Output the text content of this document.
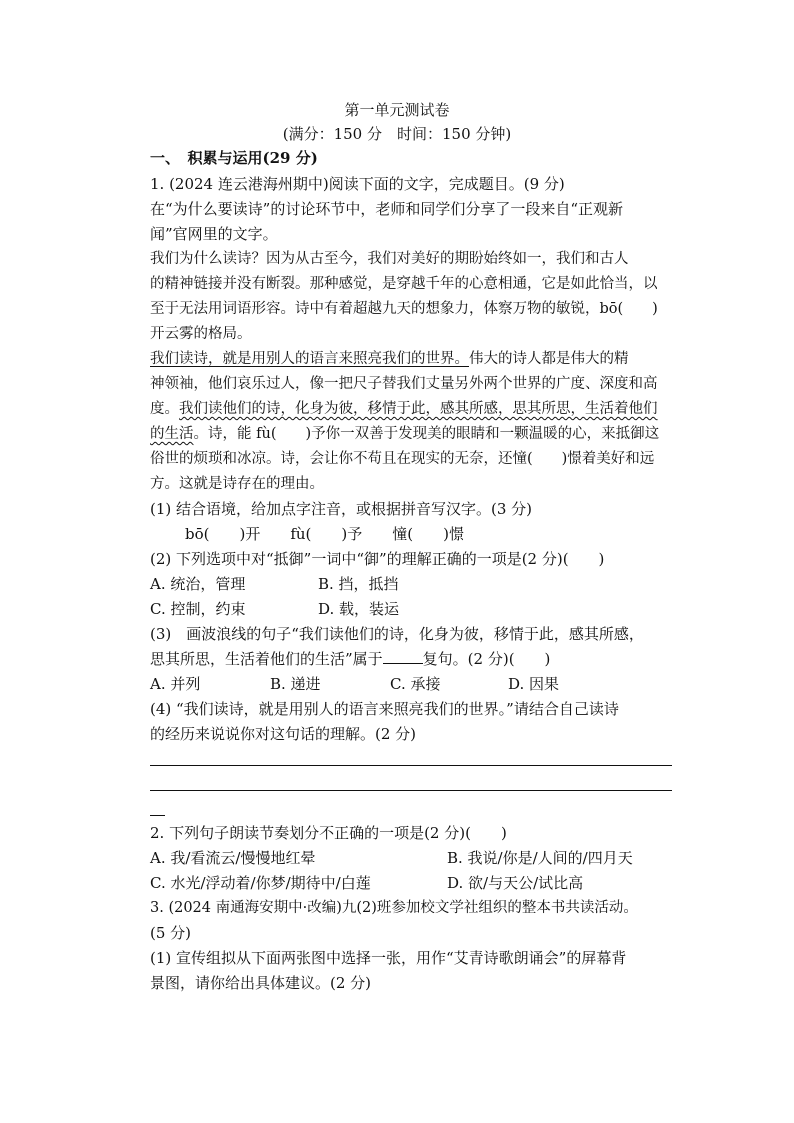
第一单元测试卷
(满分：150 分　时间：150 分钟)
一、　积累与运用(29 分)
1. (2024 连云港海州期中)阅读下面的文字，完成题目。(9 分)
在“为什么要读诗”的讨论环节中，老师和同学们分享了一段来自“正观新
闻”官网里的文字。
我们为什么读诗？因为从古至今，我们对美好的期盼始终如一，我们和古人
的精神链接并没有断裂。那种感觉，是穿越千年的心意相通，它是如此恰当，以
至于无法用词语形容。诗中有着超越九天的想象力，体察万物的敏锐，bō(　　)
开云雾的格局。
我们读诗，就是用别人的语言来照亮我们的世界。伟大的诗人都是伟大的精
神领袖，他们哀乐过人，像一把尺子替我们丈量另外两个世界的广度、深度和高
度。我们读他们的诗，化身为彼，移情于此，感其所感，思其所思，生活着他们
的生活。诗，能 fù(　　)予你一双善于发现美的眼睛和一颗温暖的心，来抵御这
俗世的烦琐和冰凉。诗，会让你不苟且在现实的无奈，还憧(　　)憬着美好和远
方。这就是诗存在的理由。
(1) 结合语境，给加点字注音，或根据拼音写汉字。(3 分)
bō(　　)开　　fù(　　)予　　憧(　　)憬
(2) 下列选项中对“抵御”一词中“御”的理解正确的一项是(2 分)(　　)
A. 统治，管理	B. 挡，抵挡
C. 控制，约束	D. 载，装运
(3)　画波浪线的句子“我们读他们的诗，化身为彼，移情于此，感其所感，
思其所思，生活着他们的生活”属于	复句。(2 分)(　　)
A. 并列	B. 递进	C. 承接	D. 因果
(4) “我们读诗，就是用别人的语言来照亮我们的世界。”请结合自己读诗
的经历来说说你对这句话的理解。(2 分)
2. 下列句子朗读节奏划分不正确的一项是(2 分)(　　)
A. 我/看流云/慢慢地红晕	B. 我说/你是/人间的/四月天
C. 水光/浮动着/你梦/期待中/白莲	D. 欲/与天公/试比高
3. (2024 南通海安期中·改编)九(2)班参加校文学社组织的整本书共读活动。
(5 分)
(1) 宣传组拟从下面两张图中选择一张，用作“艾青诗歌朗诵会”的屏幕背
景图，请你给出具体建议。(2 分)
